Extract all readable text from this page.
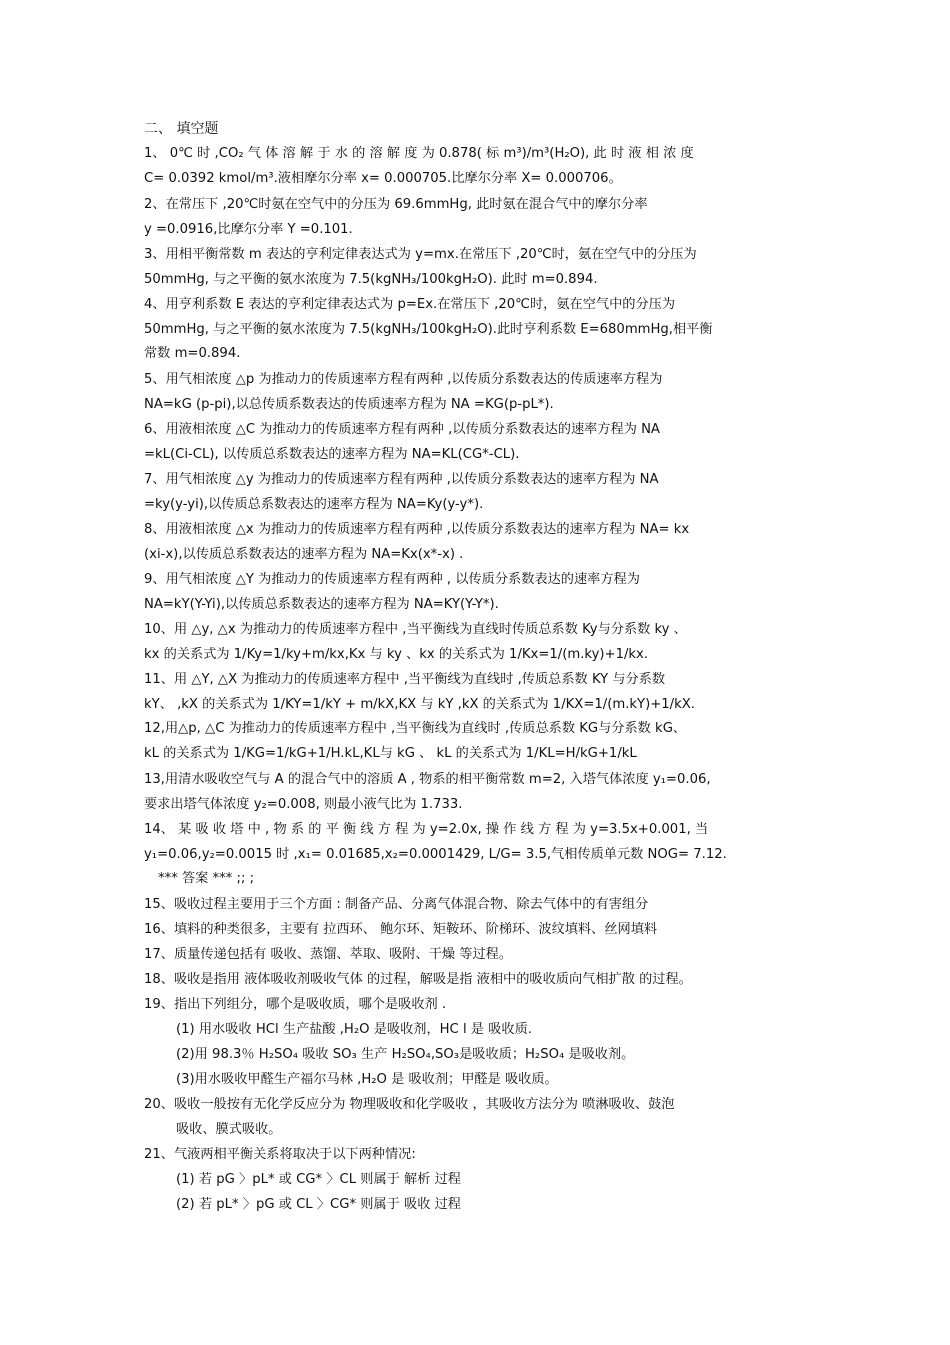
二、 填空题
1、 0℃ 时 ,CO₂ 气 体 溶 解 于 水 的 溶 解 度 为 0.878( 标 m³)/m³(H₂O), 此 时 液 相 浓 度
C= 0.0392 kmol/m³.液相摩尔分率 x= 0.000705.比摩尔分率 X= 0.000706。
2、在常压下 ,20℃时氨在空气中的分压为 69.6mmHg, 此时氨在混合气中的摩尔分率
y =0.0916,比摩尔分率 Y =0.101.
3、用相平衡常数 m 表达的亨利定律表达式为 y=mx.在常压下 ,20℃时，氨在空气中的分压为
50mmHg, 与之平衡的氨水浓度为 7.5(kgNH₃/100kgH₂O). 此时 m=0.894.
4、用亨利系数 E 表达的亨利定律表达式为 p=Ex.在常压下 ,20℃时，氨在空气中的分压为
50mmHg, 与之平衡的氨水浓度为 7.5(kgNH₃/100kgH₂O).此时亨利系数 E=680mmHg,相平衡
常数 m=0.894.
5、用气相浓度 △p 为推动力的传质速率方程有两种 ,以传质分系数表达的传质速率方程为
NA=kG (p-pi),以总传质系数表达的传质速率方程为 NA =KG(p-pL*).
6、用液相浓度 △C 为推动力的传质速率方程有两种 ,以传质分系数表达的速率方程为 NA
=kL(Ci-CL), 以传质总系数表达的速率方程为 NA=KL(CG*-CL).
7、用气相浓度 △y 为推动力的传质速率方程有两种 ,以传质分系数表达的速率方程为 NA
=ky(y-yi),以传质总系数表达的速率方程为 NA=Ky(y-y*).
8、用液相浓度 △x 为推动力的传质速率方程有两种 ,以传质分系数表达的速率方程为 NA= kx
(xi-x),以传质总系数表达的速率方程为 NA=Kx(x*-x) .
9、用气相浓度 △Y 为推动力的传质速率方程有两种 , 以传质分系数表达的速率方程为
NA=kY(Y-Yi),以传质总系数表达的速率方程为 NA=KY(Y-Y*).
10、用 △y, △x 为推动力的传质速率方程中 ,当平衡线为直线时传质总系数 Ky与分系数 ky 、
kx 的关系式为 1/Ky=1/ky+m/kx,Kx 与 ky 、kx 的关系式为 1/Kx=1/(m.ky)+1/kx.
11、用 △Y, △X 为推动力的传质速率方程中 ,当平衡线为直线时 ,传质总系数 KY 与分系数
kY、 ,kX 的关系式为 1/KY=1/kY + m/kX,KX 与 kY ,kX 的关系式为 1/KX=1/(m.kY)+1/kX.
12,用△p, △C 为推动力的传质速率方程中 ,当平衡线为直线时 ,传质总系数 KG与分系数 kG、
kL 的关系式为 1/KG=1/kG+1/H.kL,KL与 kG 、 kL 的关系式为 1/KL=H/kG+1/kL
13,用清水吸收空气与 A 的混合气中的溶质 A , 物系的相平衡常数 m=2, 入塔气体浓度 y₁=0.06,
要求出塔气体浓度 y₂=0.008, 则最小液气比为 1.733.
14、 某 吸 收 塔 中 , 物 系 的 平 衡 线 方 程 为 y=2.0x, 操 作 线 方 程 为 y=3.5x+0.001, 当
y₁=0.06,y₂=0.0015 时 ,x₁= 0.01685,x₂=0.0001429, L/G= 3.5,气相传质单元数 NOG= 7.12.
*** 答案 *** ;; ;
15、吸收过程主要用于三个方面 : 制备产品、分离气体混合物、除去气体中的有害组分
16、填料的种类很多，主要有 拉西环、 鲍尔环、矩鞍环、阶梯环、波纹填料、丝网填料
17、质量传递包括有 吸收、蒸馏、萃取、吸附、干燥 等过程。
18、吸收是指用 液体吸收剂吸收气体 的过程，解吸是指 液相中的吸收质向气相扩散 的过程。
19、指出下列组分，哪个是吸收质，哪个是吸收剂 .
(1) 用水吸收 HCl 生产盐酸 ,H₂O 是吸收剂，HC l 是 吸收质.
(2)用 98.3％ H₂SO₄ 吸收 SO₃ 生产 H₂SO₄,SO₃是吸收质；H₂SO₄ 是吸收剂。
(3)用水吸收甲醛生产福尔马林 ,H₂O 是 吸收剂；甲醛是 吸收质。
20、吸收一般按有无化学反应分为 物理吸收和化学吸收 ，其吸收方法分为 喷淋吸收、鼓泡
吸收、膜式吸收。
21、气液两相平衡关系将取决于以下两种情况:
(1) 若 pG 〉pL* 或 CG* 〉CL 则属于 解析 过程
(2) 若 pL* 〉pG 或 CL 〉CG* 则属于 吸收 过程
